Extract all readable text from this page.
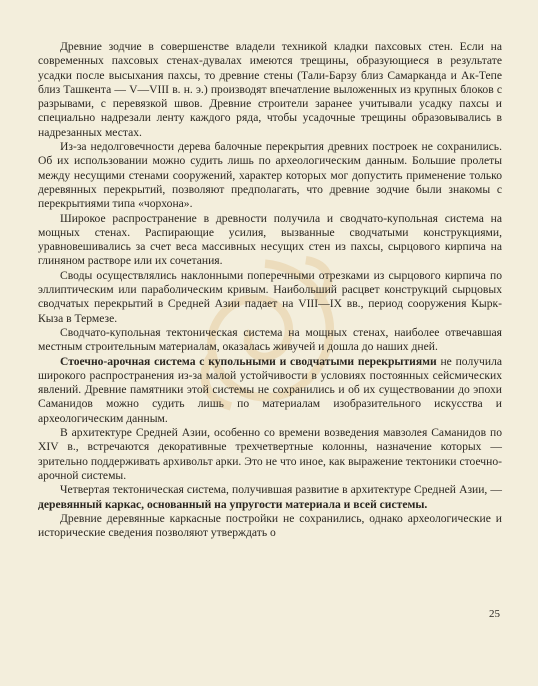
Древние зодчие в совершенстве владели техникой кладки пахсовых стен. Если на современных пахсовых стенах-дувалах имеются трещины, образующиеся в результате усадки после высыхания пахсы, то древние стены (Тали-Барзу близ Самарканда и Ак-Тепе близ Ташкента — V—VIII в. н. э.) производят впечатление выложенных из крупных блоков с разрывами, с перевязкой швов. Древние строители заранее учитывали усадку пахсы и специально надрезали ленту каждого ряда, чтобы усадочные трещины образовывались в надрезанных местах.

Из-за недолговечности дерева балочные перекрытия древних построек не сохранились. Об их использовании можно судить лишь по археологическим данным. Большие пролеты между несущими стенами сооружений, характер которых мог допустить применение только деревянных перекрытий, позволяют предполагать, что древние зодчие были знакомы с перекрытиями типа «чорхона».

Широкое распространение в древности получила и сводчато-купольная система на мощных стенах. Распирающие усилия, вызванные сводчатыми конструкциями, уравновешивались за счет веса массивных несущих стен из пахсы, сырцового кирпича на глиняном растворе или их сочетания.

Своды осуществлялись наклонными поперечными отрезками из сырцового кирпича по эллиптическим или параболическим кривым. Наибольший расцвет конструкций сырцовых сводчатых перекрытий в Средней Азии падает на VIII—IX вв., период сооружения Кырк-Кыза в Термезе.

Сводчато-купольная тектоническая система на мощных стенах, наиболее отвечавшая местным строительным материалам, оказалась живучей и дошла до наших дней.

Стоечно-арочная система с купольными и сводчатыми перекрытиями не получила широкого распространения из-за малой устойчивости в условиях постоянных сейсмических явлений. Древние памятники этой системы не сохранились и об их существовании до эпохи Саманидов можно судить лишь по материалам изобразительного искусства и археологическим данным.

В архитектуре Средней Азии, особенно со времени возведения мавзолея Саманидов по XIV в., встречаются декоративные трехчетвертные колонны, назначение которых — зрительно поддерживать архивольт арки. Это не что иное, как выражение тектоники стоечно-арочной системы.

Четвертая тектоническая система, получившая развитие в архитектуре Средней Азии, — деревянный каркас, основанный на упругости материала и всей системы.

Древние деревянные каркасные постройки не сохранились, однако археологические и исторические сведения позволяют утверждать о

25
